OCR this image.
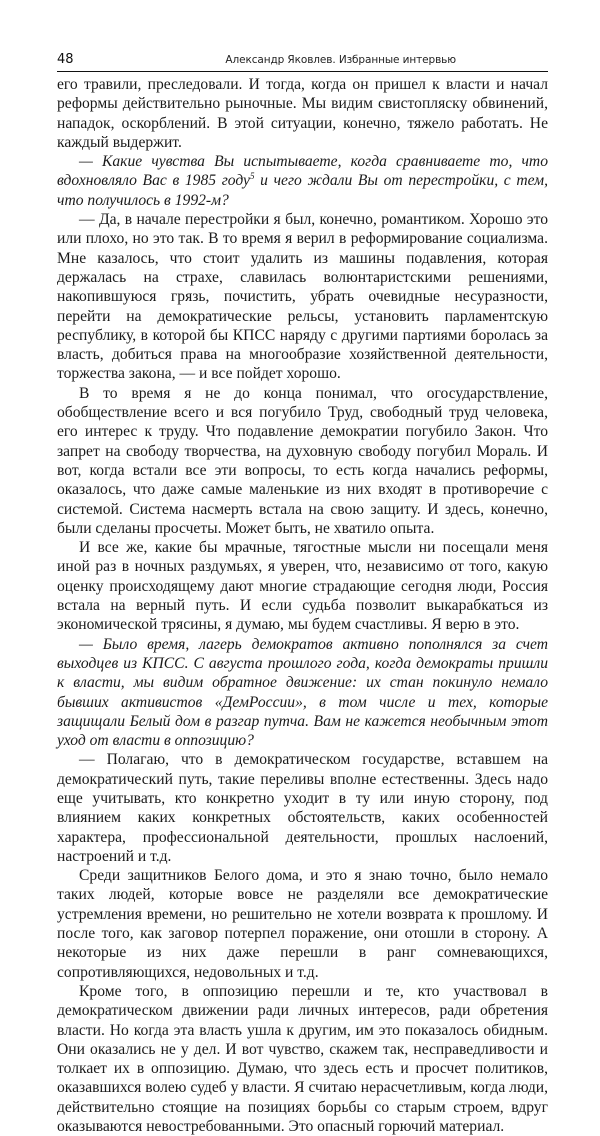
48	Александр Яковлев. Избранные интервью

его травили, преследовали. И тогда, когда он пришел к власти и начал реформы действительно рыночные. Мы видим свистопляску обвинений, нападок, оскорблений. В этой ситуации, конечно, тяжело работать. Не каждый выдержит.

— Какие чувства Вы испытываете, когда сравниваете то, что вдохновляло Вас в 1985 году$^5$ и чего ждали Вы от перестройки, с тем, что получилось в 1992-м?

— Да, в начале перестройки я был, конечно, романтиком. Хорошо это или плохо, но это так. В то время я верил в реформирование социализма. Мне казалось, что стоит удалить из машины подавления, которая держалась на страхе, славилась волюнтаристскими решениями, накопившуюся грязь, почистить, убрать очевидные несуразности, перейти на демократические рельсы, установить парламентскую республику, в которой бы КПСС наряду с другими партиями боролась за власть, добиться права на многообразие хозяйственной деятельности, торжества закона, — и все пойдет хорошо.

В то время я не до конца понимал, что огосударствление, обобществление всего и вся погубило Труд, свободный труд человека, его интерес к труду. Что подавление демократии погубило Закон. Что запрет на свободу творчества, на духовную свободу погубил Мораль. И вот, когда встали все эти вопросы, то есть когда начались реформы, оказалось, что даже самые маленькие из них входят в противоречие с системой. Система насмерть встала на свою защиту. И здесь, конечно, были сделаны просчеты. Может быть, не хватило опыта.

И все же, какие бы мрачные, тягостные мысли ни посещали меня иной раз в ночных раздумьях, я уверен, что, независимо от того, какую оценку происходящему дают многие страдающие сегодня люди, Россия встала на верный путь. И если судьба позволит выкарабкаться из экономической трясины, я думаю, мы будем счастливы. Я верю в это.

— Было время, лагерь демократов активно пополнялся за счет выходцев из КПСС. С августа прошлого года, когда демократы пришли к власти, мы видим обратное движение: их стан покинуло немало бывших активистов «ДемРоссии», в том числе и тех, которые защищали Белый дом в разгар путча. Вам не кажется необычным этот уход от власти в оппозицию?

— Полагаю, что в демократическом государстве, вставшем на демократический путь, такие переливы вполне естественны. Здесь надо еще учитывать, кто конкретно уходит в ту или иную сторону, под влиянием каких конкретных обстоятельств, каких особенностей характера, профессиональной деятельности, прошлых наслоений, настроений и т.д.

Среди защитников Белого дома, и это я знаю точно, было немало таких людей, которые вовсе не разделяли все демократические устремления времени, но решительно не хотели возврата к прошлому. И после того, как заговор потерпел поражение, они отошли в сторону. А некоторые из них даже перешли в ранг сомневающихся, сопротивляющихся, недовольных и т.д.

Кроме того, в оппозицию перешли и те, кто участвовал в демократическом движении ради личных интересов, ради обретения власти. Но когда эта власть ушла к другим, им это показалось обидным. Они оказались не у дел. И вот чувство, скажем так, несправедливости и толкает их в оппозицию. Думаю, что здесь есть и просчет политиков, оказавшихся волею судеб у власти. Я считаю нерасчетливым, когда люди, действительно стоящие на позициях борьбы со старым строем, вдруг оказываются невостребованными. Это опасный горючий материал.
